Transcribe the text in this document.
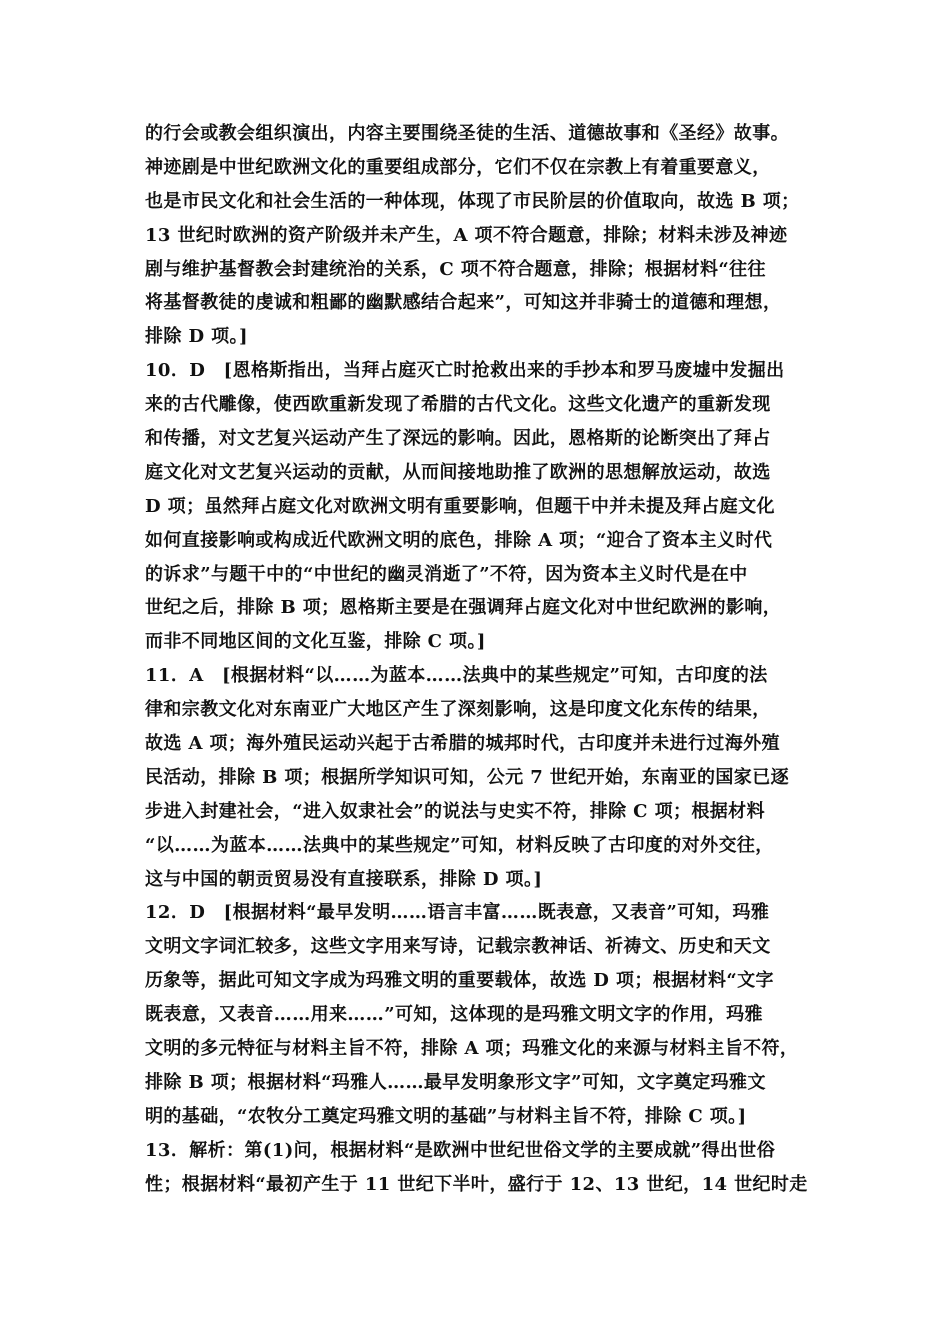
的行会或教会组织演出，内容主要围绕圣徒的生活、道德故事和《圣经》故事。
神迹剧是中世纪欧洲文化的重要组成部分，它们不仅在宗教上有着重要意义，
也是市民文化和社会生活的一种体现，体现了市民阶层的价值取向，故选 B 项；
13 世纪时欧洲的资产阶级并未产生，A 项不符合题意，排除；材料未涉及神迹
剧与维护基督教会封建统治的关系，C 项不符合题意，排除；根据材料“往往
将基督教徒的虔诚和粗鄙的幽默感结合起来”，可知这并非骑士的道德和理想，
排除 D 项。]
10．D　[恩格斯指出，当拜占庭灭亡时抢救出来的手抄本和罗马废墟中发掘出
来的古代雕像，使西欧重新发现了希腊的古代文化。这些文化遗产的重新发现
和传播，对文艺复兴运动产生了深远的影响。因此，恩格斯的论断突出了拜占
庭文化对文艺复兴运动的贡献，从而间接地助推了欧洲的思想解放运动，故选
D 项；虽然拜占庭文化对欧洲文明有重要影响，但题干中并未提及拜占庭文化
如何直接影响或构成近代欧洲文明的底色，排除 A 项；“迎合了资本主义时代
的诉求”与题干中的“中世纪的幽灵消逝了”不符，因为资本主义时代是在中
世纪之后，排除 B 项；恩格斯主要是在强调拜占庭文化对中世纪欧洲的影响，
而非不同地区间的文化互鉴，排除 C 项。]
11．A　[根据材料“以……为蓝本……法典中的某些规定”可知，古印度的法
律和宗教文化对东南亚广大地区产生了深刻影响，这是印度文化东传的结果，
故选 A 项；海外殖民运动兴起于古希腊的城邦时代，古印度并未进行过海外殖
民活动，排除 B 项；根据所学知识可知，公元 7 世纪开始，东南亚的国家已逐
步进入封建社会，“进入奴隶社会”的说法与史实不符，排除 C 项；根据材料
“以……为蓝本……法典中的某些规定”可知，材料反映了古印度的对外交往，
这与中国的朝贡贸易没有直接联系，排除 D 项。]
12．D　[根据材料“最早发明……语言丰富……既表意，又表音”可知，玛雅
文明文字词汇较多，这些文字用来写诗，记载宗教神话、祈祷文、历史和天文
历象等，据此可知文字成为玛雅文明的重要载体，故选 D 项；根据材料“文字
既表意，又表音……用来……”可知，这体现的是玛雅文明文字的作用，玛雅
文明的多元特征与材料主旨不符，排除 A 项；玛雅文化的来源与材料主旨不符，
排除 B 项；根据材料“玛雅人……最早发明象形文字”可知，文字奠定玛雅文
明的基础，“农牧分工奠定玛雅文明的基础”与材料主旨不符，排除 C 项。]
13．解析：第(1)问，根据材料“是欧洲中世纪世俗文学的主要成就”得出世俗
性；根据材料“最初产生于 11 世纪下半叶，盛行于 12、13 世纪，14 世纪时走
